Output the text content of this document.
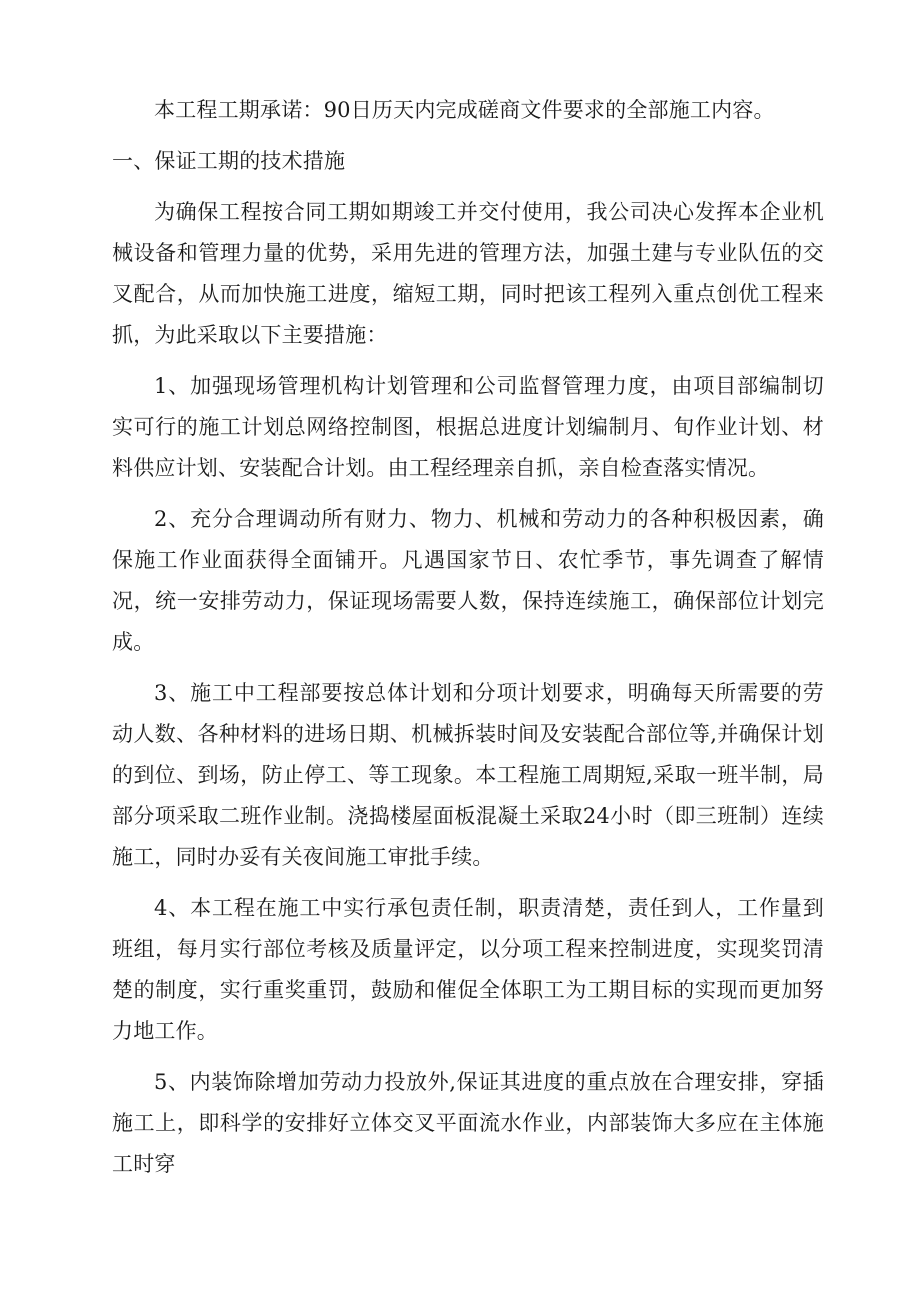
本工程工期承诺：90日历天内完成磋商文件要求的全部施工内容。

一、保证工期的技术措施

为确保工程按合同工期如期竣工并交付使用，我公司决心发挥本企业机械设备和管理力量的优势，采用先进的管理方法，加强土建与专业队伍的交叉配合，从而加快施工进度，缩短工期，同时把该工程列入重点创优工程来抓，为此采取以下主要措施：

1、加强现场管理机构计划管理和公司监督管理力度，由项目部编制切实可行的施工计划总网络控制图，根据总进度计划编制月、旬作业计划、材料供应计划、安装配合计划。由工程经理亲自抓，亲自检查落实情况。

2、充分合理调动所有财力、物力、机械和劳动力的各种积极因素，确保施工作业面获得全面铺开。凡遇国家节日、农忙季节，事先调查了解情况，统一安排劳动力，保证现场需要人数，保持连续施工，确保部位计划完成。

3、施工中工程部要按总体计划和分项计划要求，明确每天所需要的劳动人数、各种材料的进场日期、机械拆装时间及安装配合部位等,并确保计划的到位、到场，防止停工、等工现象。本工程施工周期短,采取一班半制，局部分项采取二班作业制。浇捣楼屋面板混凝土采取24小时（即三班制）连续施工，同时办妥有关夜间施工审批手续。

4、本工程在施工中实行承包责任制，职责清楚，责任到人，工作量到班组，每月实行部位考核及质量评定，以分项工程来控制进度，实现奖罚清楚的制度，实行重奖重罚，鼓励和催促全体职工为工期目标的实现而更加努力地工作。

5、内装饰除增加劳动力投放外,保证其进度的重点放在合理安排，穿插施工上，即科学的安排好立体交叉平面流水作业，内部装饰大多应在主体施工时穿
